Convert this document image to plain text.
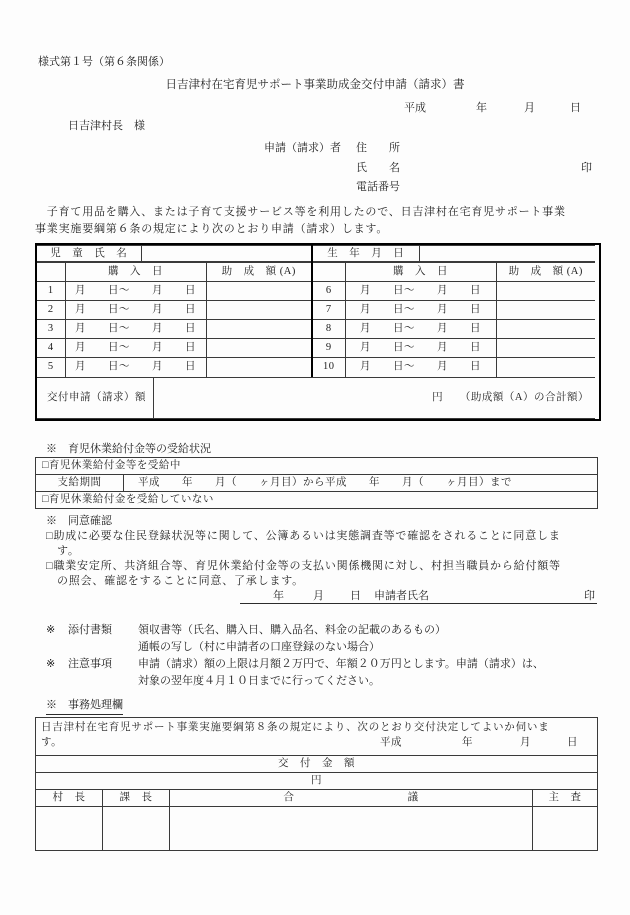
様式第１号（第６条関係）
日吉津村在宅育児サポート事業助成金交付申請（請求）書
平成	年	月	日
日吉津村長　様
申請（請求）者 住　　所
氏　　名	印
電話番号
　子育て用品を購入、または子育て支援サービス等を利用したので、日吉津村在宅育児サポート事業
事業実施要綱第６条の規定により次のとおり申請（請求）します。
児　童　氏　名		生　年　月　日	
	購　入　日	助　成　額 (A)		購　入　日	助　成　額 (A)
1	月　　日～　　月　　日		6	月　　日～　　月　　日	
2	月　　日～　　月　　日		7	月　　日～　　月　　日	
3	月　　日～　　月　　日		8	月　　日～　　月　　日	
4	月　　日～　　月　　日		9	月　　日～　　月　　日	
5	月　　日～　　月　　日		10	月　　日～　　月　　日	
交付申請（請求）額	円　　（助成額（A）の合計額）
※　育児休業給付金等の受給状況
□育児休業給付金等を受給中
支給期間	平成　　年　　月（　　ヶ月目）から平成　　年　　月（　　ヶ月目）まで
□育児休業給付金を受給していない
※　同意確認
□助成に必要な住民登録状況等に関して、公簿あるいは実態調査等で確認をされることに同意しま
す。
□職業安定所、共済組合等、育児休業給付金等の支払い関係機関に対し、村担当職員から給付額等
の照会、確認をすることに同意、了承します。
年	月 日 申請者氏名	印
※ 添付書類 領収書等（氏名、購入日、購入品名、料金の記載のあるもの）
通帳の写し（村に申請者の口座登録のない場合）
※ 注意事項 申請（請求）額の上限は月額２万円で、年額２０万円とします。申請（請求）は、
対象の翌年度４月１０日までに行ってください。
※　事務処理欄
日吉津村在宅育児サポート事業実施要綱第８条の規定により、次のとおり交付決定してよいか伺いま
す。	平成	年	月	日

交　付　金　額			
円			
村　長	課　長	合 議	主　査
